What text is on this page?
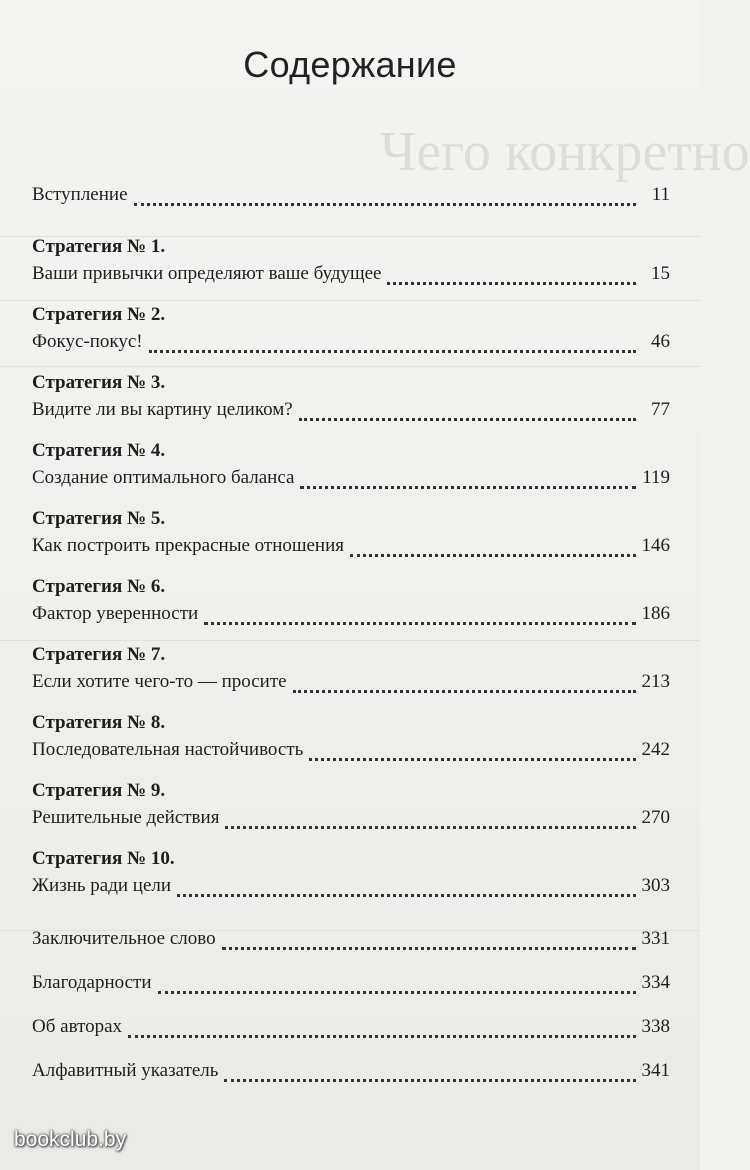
Чего конкретно
Содержание
Вступление	11
Стратегия № 1.
Ваши привычки определяют ваше будущее	15
Стратегия № 2.
Фокус-покус!	46
Стратегия № 3.
Видите ли вы картину целиком?	77
Стратегия № 4.
Создание оптимального баланса	119
Стратегия № 5.
Как построить прекрасные отношения	146
Стратегия № 6.
Фактор уверенности	186
Стратегия № 7.
Если хотите чего-то — просите	213
Стратегия № 8.
Последовательная настойчивость	242
Стратегия № 9.
Решительные действия	270
Стратегия № 10.
Жизнь ради цели	303
Заключительное слово	331
Благодарности	334
Об авторах	338
Алфавитный указатель	341
bookclub.by
